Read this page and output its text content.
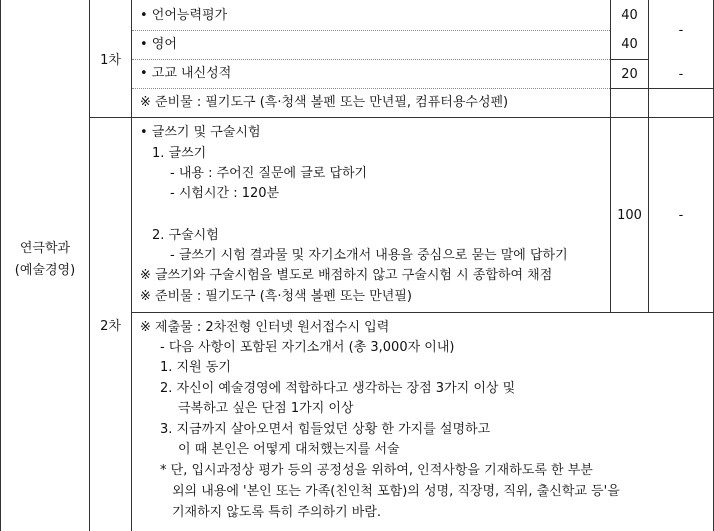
연극학과
(예술경영)
1차
2차
• 언어능력평가
• 영어
• 고교 내신성적
※ 준비물 : 필기도구 (흑·청색 볼펜 또는 만년필, 컴퓨터용수성펜)
40
40
20
-
-
• 글쓰기 및 구술시험
1. 글쓰기
- 내용 : 주어진 질문에 글로 답하기
- 시험시간 : 120분
2. 구술시험
- 글쓰기 시험 결과물 및 자기소개서 내용을 중심으로 묻는 말에 답하기
※ 글쓰기와 구술시험을 별도로 배점하지 않고 구술시험 시 종합하여 채점
※ 준비물 : 필기도구 (흑·청색 볼펜 또는 만년필)
100	-
※ 제출물 : 2차전형 인터넷 원서접수시 입력
- 다음 사항이 포함된 자기소개서 (총 3,000자 이내)
1. 지원 동기
2. 자신이 예술경영에 적합하다고 생각하는 장점 3가지 이상 및
극복하고 싶은 단점 1가지 이상
3. 지금까지 살아오면서 힘들었던 상황 한 가지를 설명하고
이 때 본인은 어떻게 대처했는지를 서술
* 단, 입시과정상 평가 등의 공정성을 위하여, 인적사항을 기재하도록 한 부분
외의 내용에 '본인 또는 가족(친인척 포함)의 성명, 직장명, 직위, 출신학교 등'을
기재하지 않도록 특히 주의하기 바람.
